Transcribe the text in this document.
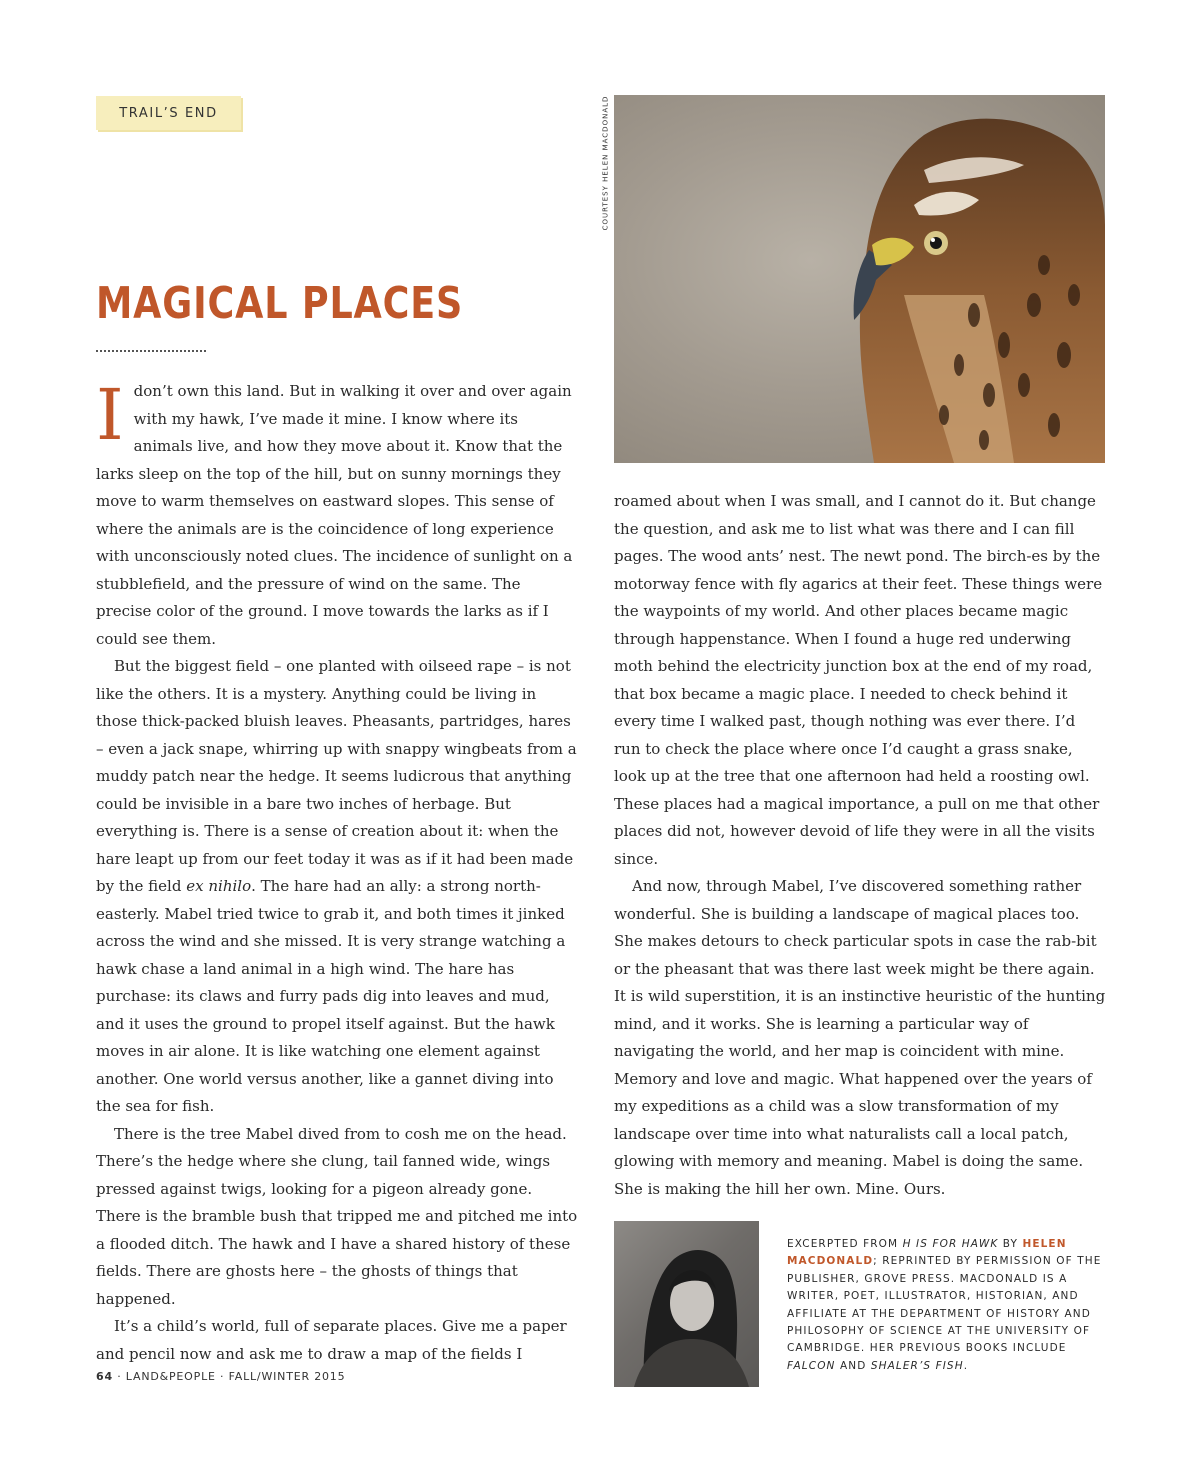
TRAIL’S END
MAGICAL PLACES

Idon’t own this land. But in walking it over and over again with my hawk, I’ve made it mine. I know where its animals live, and how they move about it. Know that the larks sleep on the top of the hill, but on sunny mornings they move to warm themselves on eastward slopes. This sense of where the animals are is the coincidence of long experience with unconsciously noted clues. The incidence of sunlight on a stubblefield, and the pressure of wind on the same. The precise color of the ground. I move towards the larks as if I could see them.

But the biggest field – one planted with oilseed rape – is not like the others. It is a mystery. Anything could be living in those thick-packed bluish leaves. Pheasants, partridges, hares – even a jack snape, whirring up with snappy wingbeats from a muddy patch near the hedge. It seems ludicrous that anything could be invisible in a bare two inches of herbage. But everything is. There is a sense of creation about it: when the hare leapt up from our feet today it was as if it had been made by the field ex nihilo. The hare had an ally: a strong north-easterly. Mabel tried twice to grab it, and both times it jinked across the wind and she missed. It is very strange watching a hawk chase a land animal in a high wind. The hare has purchase: its claws and furry pads dig into leaves and mud, and it uses the ground to propel itself against. But the hawk moves in air alone. It is like watching one element against another. One world versus another, like a gannet diving into the sea for fish.

There is the tree Mabel dived from to cosh me on the head. There’s the hedge where she clung, tail fanned wide, wings pressed against twigs, looking for a pigeon already gone. There is the bramble bush that tripped me and pitched me into a flooded ditch. The hawk and I have a shared history of these fields. There are ghosts here – the ghosts of things that happened.

It’s a child’s world, full of separate places. Give me a paper and pencil now and ask me to draw a map of the fields I

COURTESY HELEN MACDONALD

roamed about when I was small, and I cannot do it. But change the question, and ask me to list what was there and I can fill pages. The wood ants’ nest. The newt pond. The birch-es by the motorway fence with fly agarics at their feet. These things were the waypoints of my world. And other places became magic through happenstance. When I found a huge red underwing moth behind the electricity junction box at the end of my road, that box became a magic place. I needed to check behind it every time I walked past, though nothing was ever there. I’d run to check the place where once I’d caught a grass snake, look up at the tree that one afternoon had held a roosting owl. These places had a magical importance, a pull on me that other places did not, however devoid of life they were in all the visits since.

And now, through Mabel, I’ve discovered something rather wonderful. She is building a landscape of magical places too. She makes detours to check particular spots in case the rab-bit or the pheasant that was there last week might be there again. It is wild superstition, it is an instinctive heuristic of the hunting mind, and it works. She is learning a particular way of navigating the world, and her map is coincident with mine. Memory and love and magic. What happened over the years of my expeditions as a child was a slow transformation of my landscape over time into what naturalists call a local patch, glowing with memory and meaning. Mabel is doing the same. She is making the hill her own. Mine. Ours.

EXCERPTED FROM H IS FOR HAWK BY HELEN MACDONALD; REPRINTED BY PERMISSION OF THE PUBLISHER, GROVE PRESS. MACDONALD IS A WRITER, POET, ILLUSTRATOR, HISTORIAN, AND AFFILIATE AT THE DEPARTMENT OF HISTORY AND PHILOSOPHY OF SCIENCE AT THE UNIVERSITY OF CAMBRIDGE. HER PREVIOUS BOOKS INCLUDE FALCON AND SHALER’S FISH.
64 · LAND&PEOPLE · FALL/WINTER 2015
